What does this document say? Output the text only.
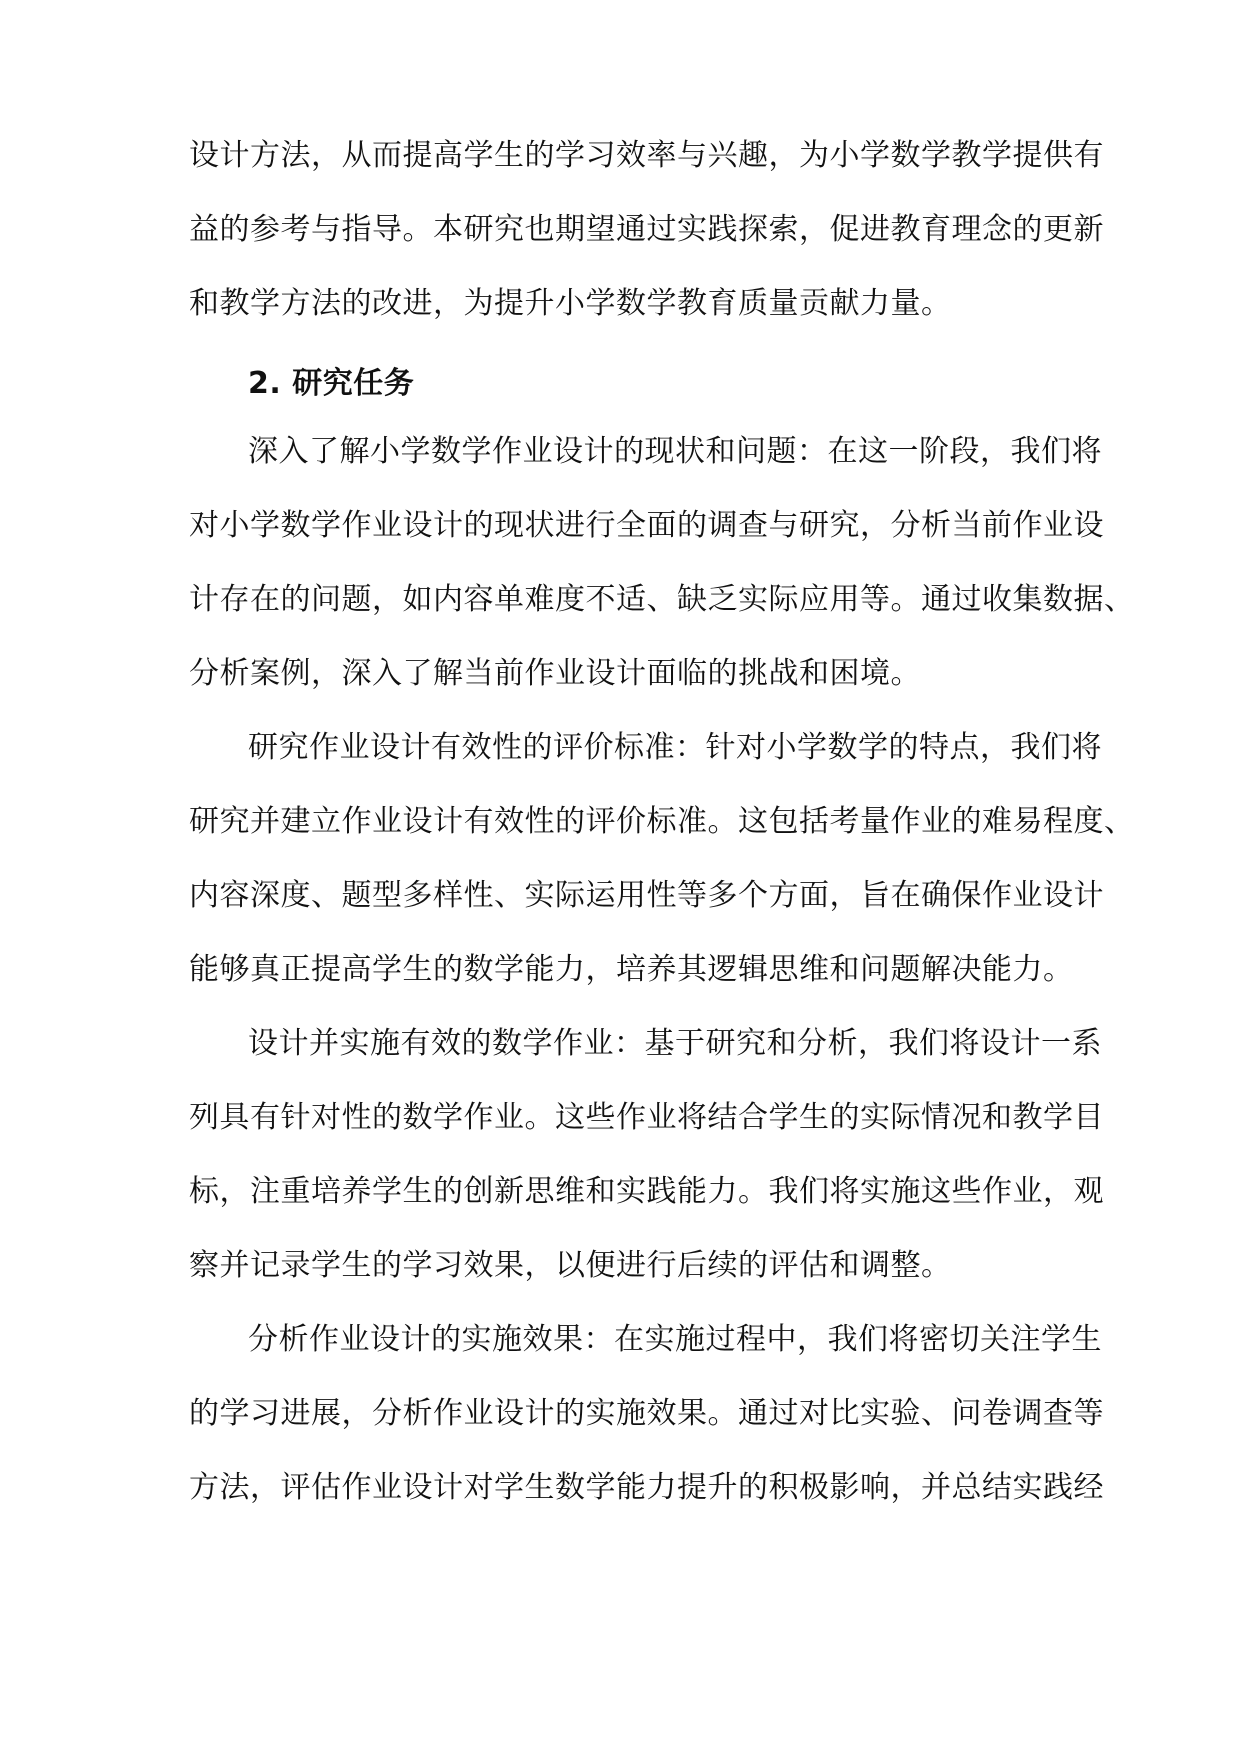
设计方法，从而提高学生的学习效率与兴趣，为小学数学教学提供有
益的参考与指导。本研究也期望通过实践探索，促进教育理念的更新
和教学方法的改进，为提升小学数学教育质量贡献力量。
2. 研究任务
深入了解小学数学作业设计的现状和问题：在这一阶段，我们将
对小学数学作业设计的现状进行全面的调查与研究，分析当前作业设
计存在的问题，如内容单难度不适、缺乏实际应用等。通过收集数据、
分析案例，深入了解当前作业设计面临的挑战和困境。
研究作业设计有效性的评价标准：针对小学数学的特点，我们将
研究并建立作业设计有效性的评价标准。这包括考量作业的难易程度、
内容深度、题型多样性、实际运用性等多个方面，旨在确保作业设计
能够真正提高学生的数学能力，培养其逻辑思维和问题解决能力。
设计并实施有效的数学作业：基于研究和分析，我们将设计一系
列具有针对性的数学作业。这些作业将结合学生的实际情况和教学目
标，注重培养学生的创新思维和实践能力。我们将实施这些作业，观
察并记录学生的学习效果，以便进行后续的评估和调整。
分析作业设计的实施效果：在实施过程中，我们将密切关注学生
的学习进展，分析作业设计的实施效果。通过对比实验、问卷调查等
方法，评估作业设计对学生数学能力提升的积极影响，并总结实践经
